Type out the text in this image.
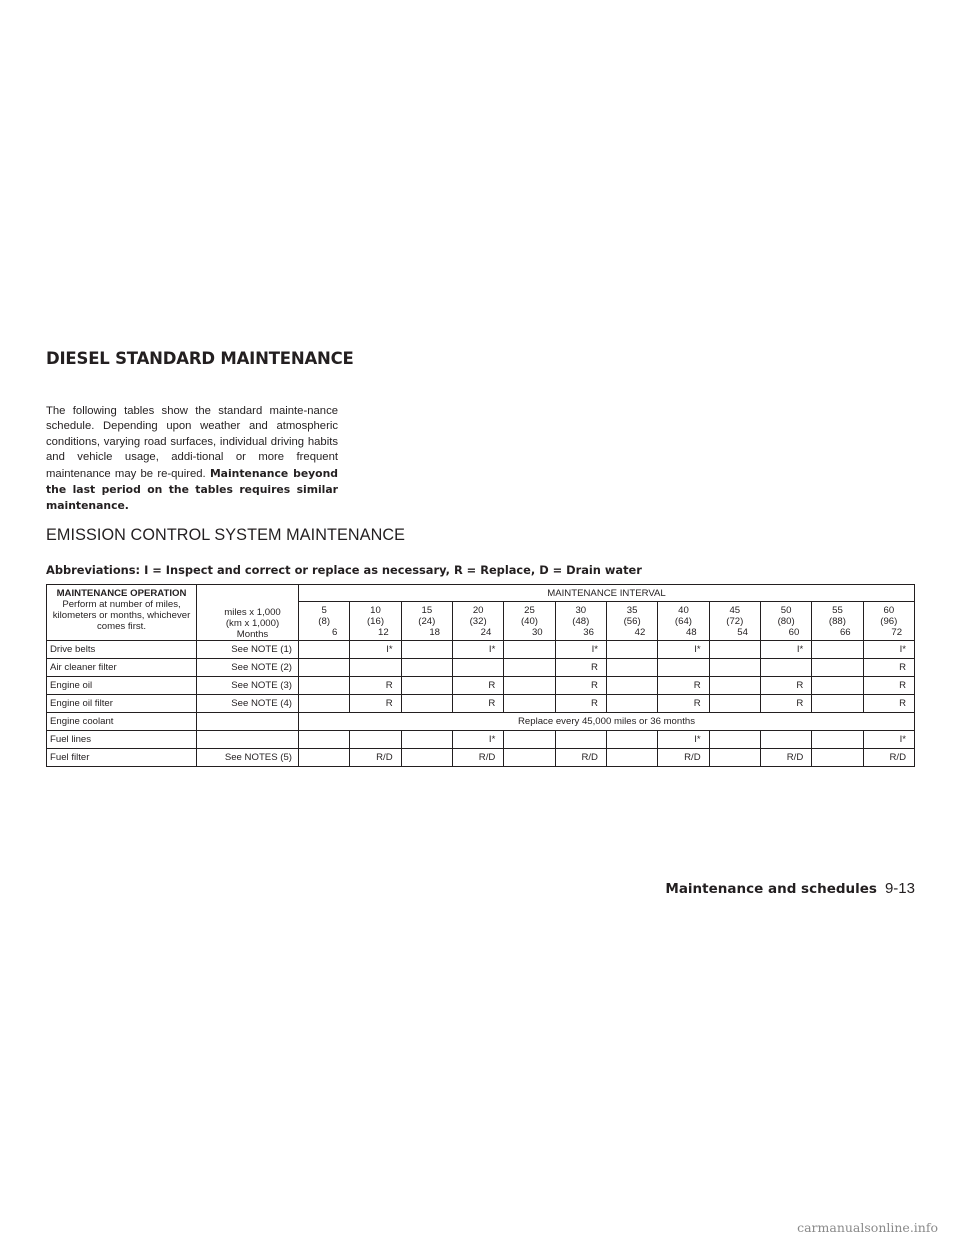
DIESEL STANDARD MAINTENANCE

The following tables show the standard mainte-nance schedule. Depending upon weather and atmospheric conditions, varying road surfaces, individual driving habits and vehicle usage, addi-tional or more frequent maintenance may be re-quired. Maintenance beyond the last period on the tables requires similar maintenance.

EMISSION CONTROL SYSTEM MAINTENANCE

Abbreviations: I = Inspect and correct or replace as necessary, R = Replace, D = Drain water

MAINTENANCE OPERATION
Perform at number of miles, kilometers or months, whichever comes first.	miles x 1,000
(km x 1,000)
Months	MAINTENANCE INTERVAL											

		5
(8)
6	10
(16)
12	15
(24)
18	20
(32)
24	25
(40)
30	30
(48)
36	35
(56)
42	40
(64)
48	45
(72)
54	50
(80)
60	55
(88)
66	60
(96)
72

Drive belts	See NOTE (1)		I*		I*		I*		I*		I*		I*
Air cleaner filter	See NOTE (2)						R						R
Engine oil	See NOTE (3)		R		R		R		R		R		R
Engine oil filter	See NOTE (4)		R		R		R		R		R		R
Engine coolant		Replace every 45,000 miles or 36 months											
Fuel lines					I*				I*				I*
Fuel filter	See NOTES (5)		R/D		R/D		R/D		R/D		R/D		R/D

Maintenance and schedules 9-13

carmanualsonline.info
